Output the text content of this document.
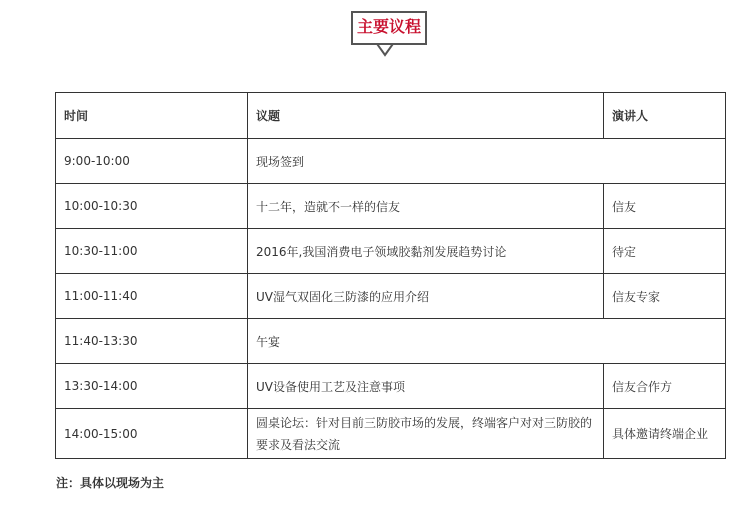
主要议程
时间	议题	演讲人
9:00-10:00	现场签到	
10:00-10:30	十二年，造就不一样的信友	信友
10:30-11:00	2016年,我国消费电子领域胶黏剂发展趋势讨论	待定
11:00-11:40	UV湿气双固化三防漆的应用介绍	信友专家
11:40-13:30	午宴	
13:30-14:00	UV设备使用工艺及注意事项	信友合作方
14:00-15:00	圆桌论坛：针对目前三防胶市场的发展，终端客户对对三防胶的要求及看法交流	具体邀请终端企业
注：具体以现场为主
